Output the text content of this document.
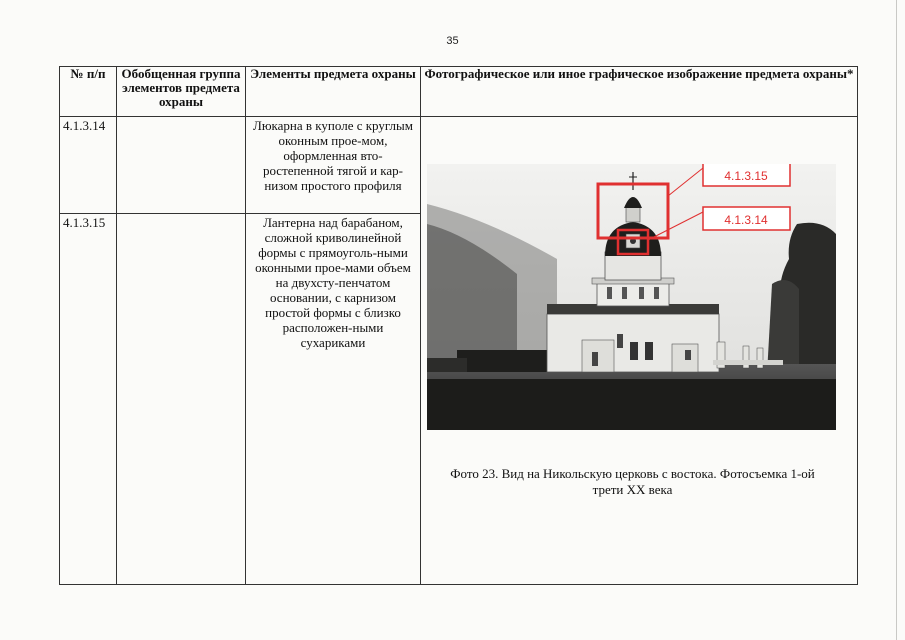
35
№ п/п	Обобщенная группа элементов предмета охраны	Элементы предмета охраны	Фотографическое или иное графическое изображение предмета охраны*
4.1.3.14		Люкарна в куполе с круглым оконным прое-мом, оформленная вто-ростепенной тягой и кар-низом простого профиля	4.1.3.15
4.1.3.14
Фото 23. Вид на Никольскую церковь с востока. Фотосъемка 1-ой трети XX века

4.1.3.15		Лантерна над барабаном, сложной криволинейной формы с прямоуголь-ными оконными прое-мами объем на двухсту-пенчатом основании, с карнизом простой формы с близко расположен-ными сухариками	
